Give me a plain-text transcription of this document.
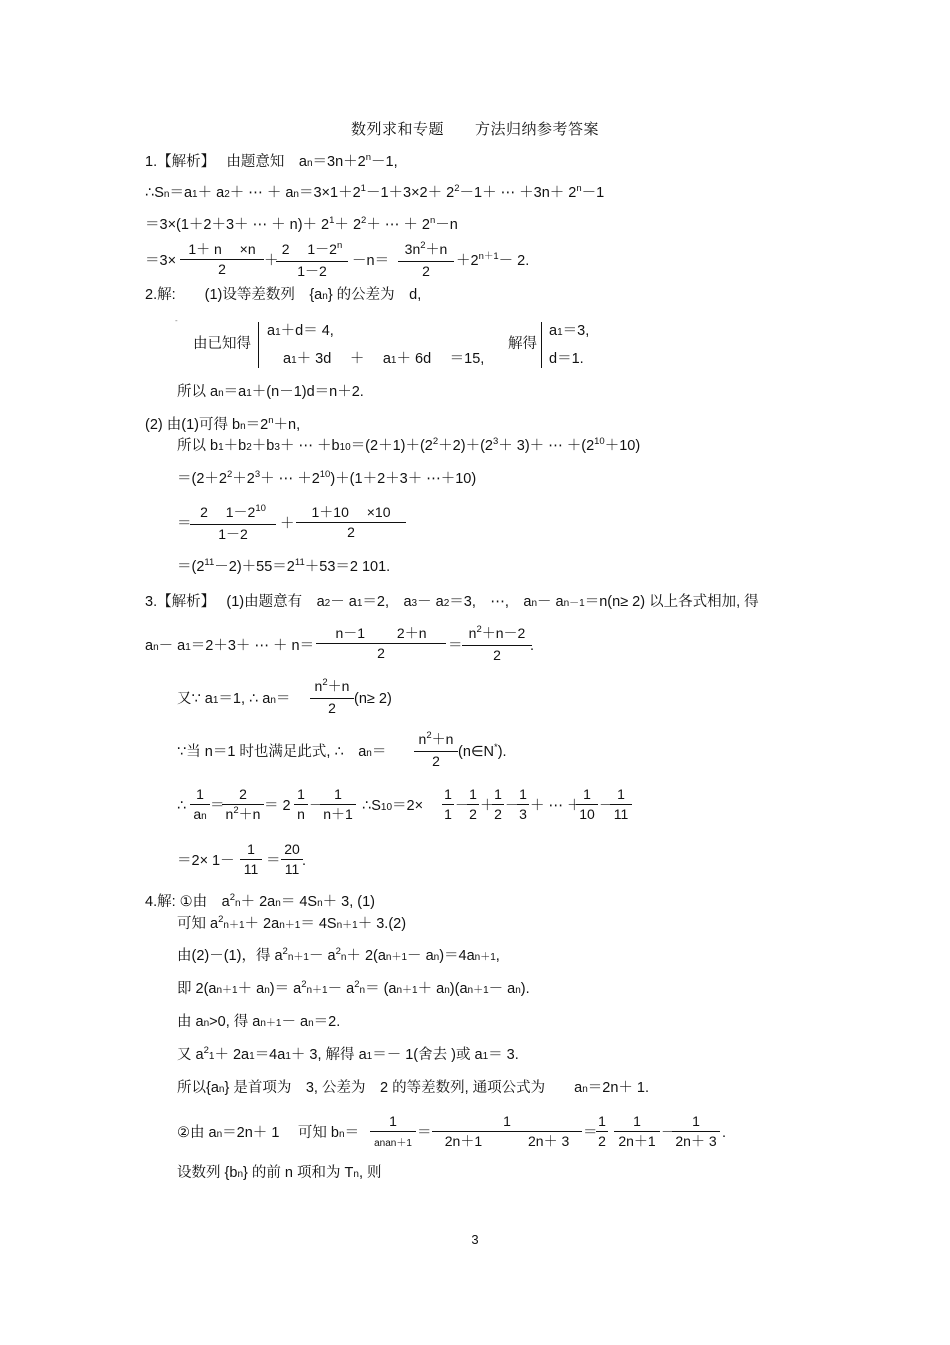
数列求和专题　　方法归纳参考答案
1.【解析】　 由题意知　$an=3n+2^n-1$,
∴Sn＝a1＋ a2＋ ⋯ ＋ $an=3\times 1+2^1-1+3\times 2+ 2^2-1+$ ⋯ $+3n+ 2^n-1$
＝3×(1＋2＋3＋ ⋯ ＋ $n)+ 2^1+ 2^2+$ ⋯ ＋ $2^n-n$
$=3\times \frac{1+ n \times n}{2}$ ＋
$\frac{2 1-2^n}{1-2} -n= \frac{3n^2+n}{2} +2^{n+1}- 2$.
2.解:　　(1)设等差数列　{an} 的公差为　d,
-
由已知得
a1＋d＝ 4,
a1＋ 3d　 ＋　 a1＋ 6d　 ＝15,
解得
a1＝3,
d＝1.
所以 an＝a1＋(n－1)d＝n＋2.
(2) 由(1)可得 $bn=2^n+n$,
所以 b1＋b2＋b3＋ ⋯ $+b10=(2+1)+(2^2+2)+(2^3+ 3)+$ ⋯ $+(2^{10}+10)$
$=(2+2^2+2^3+$ ⋯ $+2^{10})+(1+2+3+$ ⋯＋10)
＝
$\frac{2 1-2^{10}}{1-2} + \frac{1+10 \times 10}{2}$
$=(2^{11}-2)+55=2^{11}+53=2$ 101.
3.【解析】　 (1)由题意有　a2－ a1＝2,　a3－ a2＝3,　⋯,　an－ an－1＝n(n≥ 2) 以上各式相加, 得
an－ a1＝2＋3＋ ⋯ ＋ $n= \frac{n-1 2+n}{2} = \frac{n^2+n-2}{2}$
.
又∵ a1＝1, ∴ $an= \frac{n^2+n}{2} (n\ge 2)$
∵当 n＝1 时也满足此式, ∴　$an= \frac{n^2+n}{2}$ (n∈N*).
∴ $\frac{1}{an}$ ＝
$\frac{2}{n^2+n} = 2 \frac{1}{n}$ －
$\frac{1}{n+1}$ ∴S10＝2× $\frac{1}{1}$ －
$\frac{1}{2}$ ＋
$\frac{1}{2}$ －
$\frac{1}{3}$ ＋ ⋯ ＋
$\frac{1}{10}$ －
$\frac{1}{11}$
$=2\times 1- \frac{1}{11} = \frac{20}{11}$ .
4.解: ①由　$a^2n+ 2an= 4Sn+ 3$, (1)
可知 $a^2n+1+ 2an+1= 4Sn+1+ 3.(2)$
由(2)－(1)，得 $a^2n+1- a^2n+ 2(an+1- an)=4an+1$,
即 $2(an+1+ an)= a^2n+1- a^2n= (an+1+ an)(an+1- an)$.
由 an>0, 得 an＋1－ an＝2.
又 $a^21+ 2a1=4a1+ 3$, 解得 a1＝－ 1(舍去 )或 a1＝ 3.
所以{an} 是首项为　3, 公差为　2 的等差数列, 通项公式为　　an＝2n＋ 1.
②由 an＝2n＋ 1　 可知 bn＝
1
anan＋1
＝ $\frac{1}{2n+1 2n+ 3}$ ＝
$\frac{1}{2} \frac{1}{2n+1}$ －
$\frac{1}{2n+ 3}$ .
设数列 {bn} 的前 n 项和为 Tn, 则
3
